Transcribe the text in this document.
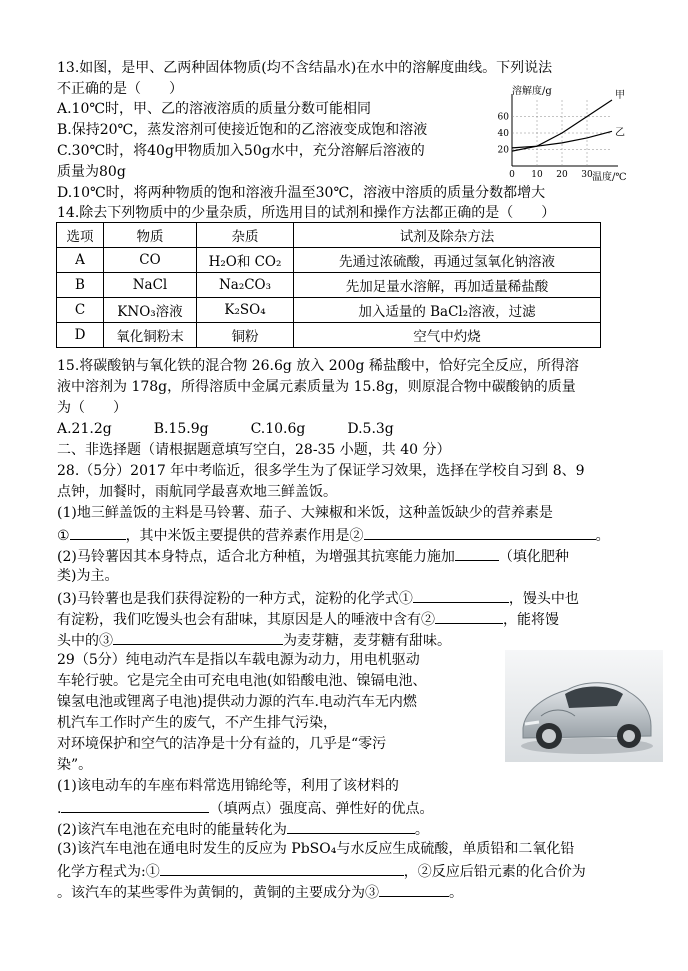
13.如图，是甲、乙两种固体物质(均不含结晶水)在水中的溶解度曲线。下列说法
不正确的是（　　）
A.10℃时，甲、乙的溶液溶质的质量分数可能相同
B.保持20℃，蒸发溶剂可使接近饱和的乙溶液变成饱和溶液
C.30℃时，将40g甲物质加入50g水中，充分溶解后溶液的
质量为80g
D.10℃时，将两种物质的饱和溶液升温至30℃，溶液中溶质的质量分数都增大
20
40
60
0 10 20 30
甲
乙
溶解度/g
温度/℃
14.除去下列物质中的少量杂质，所选用目的试剂和操作方法都正确的是（　　）
选项	物质	杂质	试剂及除杂方法
A	CO	H₂O和 CO₂	先通过浓硫酸，再通过氢氧化钠溶液
B	NaCl	Na₂CO₃	先加足量水溶解，再加适量稀盐酸
C	KNO₃溶液	K₂SO₄	加入适量的 BaCl₂溶液，过滤
D	氧化铜粉末	铜粉	空气中灼烧
15.将碳酸钠与氧化铁的混合物 26.6g 放入 200g 稀盐酸中，恰好完全反应，所得溶
液中溶剂为 178g，所得溶质中金属元素质量为 15.8g，则原混合物中碳酸钠的质量
为（　　）
A.21.2g　　　B.15.9g　　　C.10.6g　　　D.5.3g
二、非选择题（请根据题意填写空白，28-35 小题，共 40 分）
28.（5分）2017 年中考临近，很多学生为了保证学习效果，选择在学校自习到 8、9
点钟，加餐时，雨航同学最喜欢地三鲜盖饭。
(1)地三鲜盖饭的主料是马铃薯、茄子、大辣椒和米饭，这种盖饭缺少的营养素是
①	，其中米饭主要提供的营养素作用是②	。
(2)马铃薯因其本身特点，适合北方种植，为增强其抗寒能力施加	（填化肥种
类)为主。
(3)马铃薯也是我们获得淀粉的一种方式，淀粉的化学式①	，馒头中也
有淀粉，我们吃馒头也会有甜味，其原因是人的唾液中含有②	，能将馒
头中的③	为麦芽糖，麦芽糖有甜味。
29（5分）纯电动汽车是指以车载电源为动力，用电机驱动
车轮行驶。它是完全由可充电电池(如铅酸电池、镍镉电池、
镍氢电池或锂离子电池)提供动力源的汽车.电动汽车无内燃
机汽车工作时产生的废气，不产生排气污染，
对环境保护和空气的洁净是十分有益的，几乎是“零污
染”。
(1)该电动车的车座布料常选用锦纶等，利用了该材料的
.	（填两点）强度高、弹性好的优点。
(2)该汽车电池在充电时的能量转化为	。
(3)该汽车电池在通电时发生的反应为 PbSO₄与水反应生成硫酸，单质铅和二氧化铅
化学方程式为:①	，②反应后铅元素的化合价为
。该汽车的某些零件为黄铜的，黄铜的主要成分为③	。
